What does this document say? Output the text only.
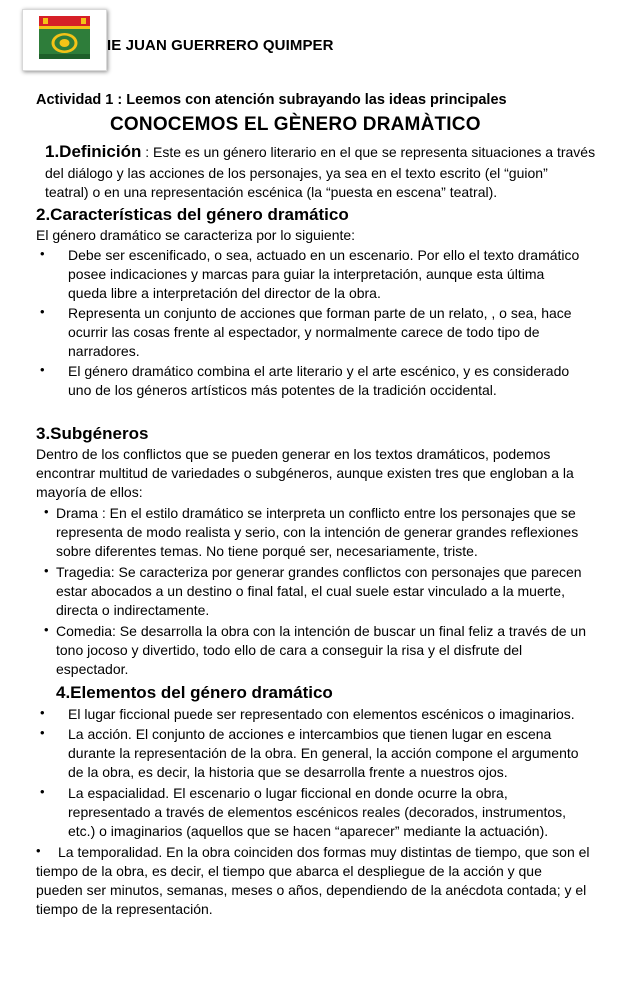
IE JUAN GUERRERO QUIMPER
Actividad 1 : Leemos con atención subrayando las ideas principales
CONOCEMOS EL GÈNERO DRAMÀTICO
1.Definición : Este es un género literario en el que se representa situaciones a través
del diálogo y las acciones de los personajes, ya sea en el texto escrito (el “guion”
teatral) o en una representación escénica (la “puesta en escena” teatral).
2.Características del género dramático
El género dramático se caracteriza por lo siguiente:
• Debe ser escenificado, o sea, actuado en un escenario. Por ello el texto dramático
posee indicaciones y marcas para guiar la interpretación, aunque esta última
queda libre a interpretación del director de la obra.
• Representa un conjunto de acciones que forman parte de un relato, , o sea, hace
ocurrir las cosas frente al espectador, y normalmente carece de todo tipo de
narradores.
• El género dramático combina el arte literario y el arte escénico, y es considerado
uno de los géneros artísticos más potentes de la tradición occidental.
3.Subgéneros
Dentro de los conflictos que se pueden generar en los textos dramáticos, podemos
encontrar multitud de variedades o subgéneros, aunque existen tres que engloban a la
mayoría de ellos:
• Drama : En el estilo dramático se interpreta un conflicto entre los personajes que se
representa de modo realista y serio, con la intención de generar grandes reflexiones
sobre diferentes temas. No tiene porqué ser, necesariamente, triste.
• Tragedia: Se caracteriza por generar grandes conflictos con personajes que parecen
estar abocados a un destino o final fatal, el cual suele estar vinculado a la muerte,
directa o indirectamente.
• Comedia: Se desarrolla la obra con la intención de buscar un final feliz a través de un
tono jocoso y divertido, todo ello de cara a conseguir la risa y el disfrute del
espectador.
4.Elementos del género dramático
• El lugar ficcional puede ser representado con elementos escénicos o imaginarios.
• La acción. El conjunto de acciones e intercambios que tienen lugar en escena
durante la representación de la obra. En general, la acción compone el argumento
de la obra, es decir, la historia que se desarrolla frente a nuestros ojos.
• La espacialidad. El escenario o lugar ficcional en donde ocurre la obra,
representado a través de elementos escénicos reales (decorados, instrumentos,
etc.) o imaginarios (aquellos que se hacen “aparecer” mediante la actuación).
• La temporalidad. En la obra coinciden dos formas muy distintas de tiempo, que son el
tiempo de la obra, es decir, el tiempo que abarca el despliegue de la acción y que
pueden ser minutos, semanas, meses o años, dependiendo de la anécdota contada; y el
tiempo de la representación.
